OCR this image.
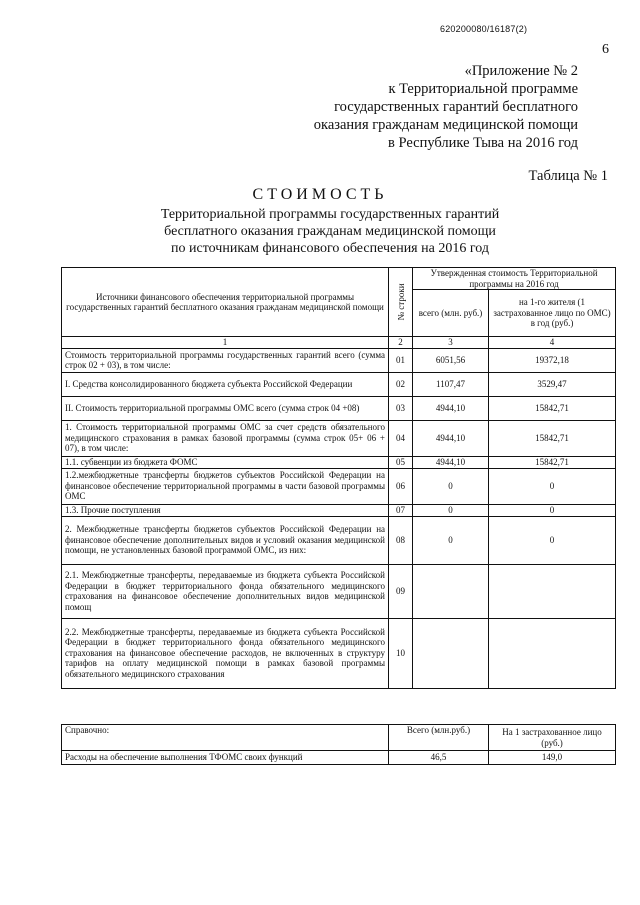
620200080/16187(2)
6
«Приложение № 2
к Территориальной программе
государственных гарантий бесплатного
оказания гражданам медицинской помощи
в Республике Тыва на 2016 год
Таблица № 1
СТОИМОСТЬ
Территориальной программы государственных гарантий
бесплатного оказания гражданам медицинской помощи
по источникам финансового обеспечения на 2016 год
Источники финансового обеспечения территориальной программы государственных гарантий бесплатного оказания гражданам медицинской помощи	№ строки	Утвержденная стоимость Территориальной программы на 2016 год	
		всего (млн. руб.)	на 1-го жителя (1 застрахованное лицо по ОМС) в год (руб.)
1	2	3	4
Стоимость территориальной программы государственных гарантий всего (сумма строк 02 + 03), в том числе:	01	6051,56	19372,18
I. Средства консолидированного бюджета субъекта Российской Федерации	02	1107,47	3529,47
II. Стоимость территориальной программы ОМС всего (сумма строк 04 +08)	03	4944,10	15842,71
1. Стоимость территориальной программы ОМС за счет средств обязательного медицинского страхования в рамках базовой программы (сумма строк 05+ 06 + 07), в том числе:	04	4944,10	15842,71
1.1. субвенции из бюджета ФОМС	05	4944,10	15842,71
1.2.межбюджетные трансферты бюджетов субъектов Российской Федерации на финансовое обеспечение территориальной программы в части базовой программы ОМС	06	0	0
1.3. Прочие поступления	07	0	0
2. Межбюджетные трансферты бюджетов субъектов Российской Федерации на финансовое обеспечение дополнительных видов и условий оказания медицинской помощи, не установленных базовой программой ОМС, из них:	08	0	0
2.1. Межбюджетные трансферты, передаваемые из бюджета субъекта Российской Федерации в бюджет территориального фонда обязательного медицинского страхования на финансовое обеспечение дополнительных видов медицинской помощ	09		
2.2. Межбюджетные трансферты, передаваемые из бюджета субъекта Российской Федерации в бюджет территориального фонда обязательного медицинского страхования на финансовое обеспечение расходов, не включенных в структуру тарифов на оплату медицинской помощи в рамках базовой программы обязательного медицинского страхования	10		
Справочно:	Всего (млн.руб.)	На 1 застрахованное лицо (руб.)
Расходы на обеспечение выполнения ТФОМС своих функций	46,5	149,0
